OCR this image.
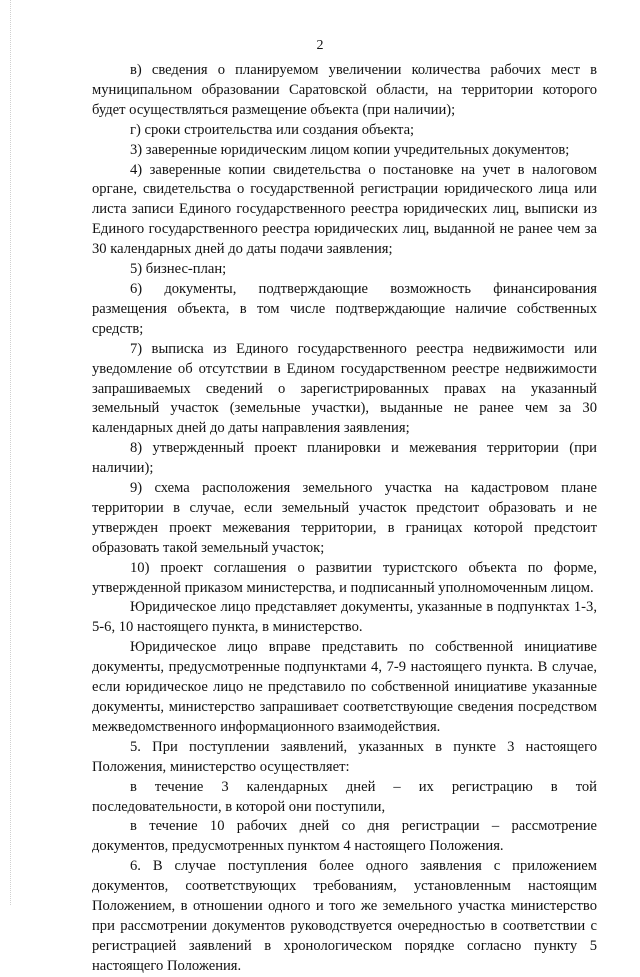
2

в) сведения о планируемом увеличении количества рабочих мест в муниципальном образовании Саратовской области, на территории которого будет осуществляться размещение объекта (при наличии);

г) сроки строительства или создания объекта;

3) заверенные юридическим лицом копии учредительных документов;

4) заверенные копии свидетельства о постановке на учет в налоговом органе, свидетельства о государственной регистрации юридического лица или листа записи Единого государственного реестра юридических лиц, выписки из Единого государственного реестра юридических лиц, выданной не ранее чем за 30 календарных дней до даты подачи заявления;

5) бизнес-план;

6) документы, подтверждающие возможность финансирования размещения объекта, в том числе подтверждающие наличие собственных средств;

7) выписка из Единого государственного реестра недвижимости или уведомление об отсутствии в Едином государственном реестре недвижимости запрашиваемых сведений о зарегистрированных правах на указанный земельный участок (земельные участки), выданные не ранее чем за 30 календарных дней до даты направления заявления;

8) утвержденный проект планировки и межевания территории (при наличии);

9) схема расположения земельного участка на кадастровом плане территории в случае, если земельный участок предстоит образовать и не утвержден проект межевания территории, в границах которой предстоит образовать такой земельный участок;

10) проект соглашения о развитии туристского объекта по форме, утвержденной приказом министерства, и подписанный уполномоченным лицом.

Юридическое лицо представляет документы, указанные в подпунктах 1-3, 5-6, 10 настоящего пункта, в министерство.

Юридическое лицо вправе представить по собственной инициативе документы, предусмотренные подпунктами 4, 7-9 настоящего пункта. В случае, если юридическое лицо не представило по собственной инициативе указанные документы, министерство запрашивает соответствующие сведения посредством межведомственного информационного взаимодействия.

5. При поступлении заявлений, указанных в пункте 3 настоящего Положения, министерство осуществляет:

в течение 3 календарных дней – их регистрацию в той последовательности, в которой они поступили,

в течение 10 рабочих дней со дня регистрации – рассмотрение документов, предусмотренных пунктом 4 настоящего Положения.

6. В случае поступления более одного заявления с приложением документов, соответствующих требованиям, установленным настоящим Положением, в отношении одного и того же земельного участка министерство при рассмотрении документов руководствуется очередностью в соответствии с регистрацией заявлений в хронологическом порядке согласно пункту 5 настоящего Положения.
